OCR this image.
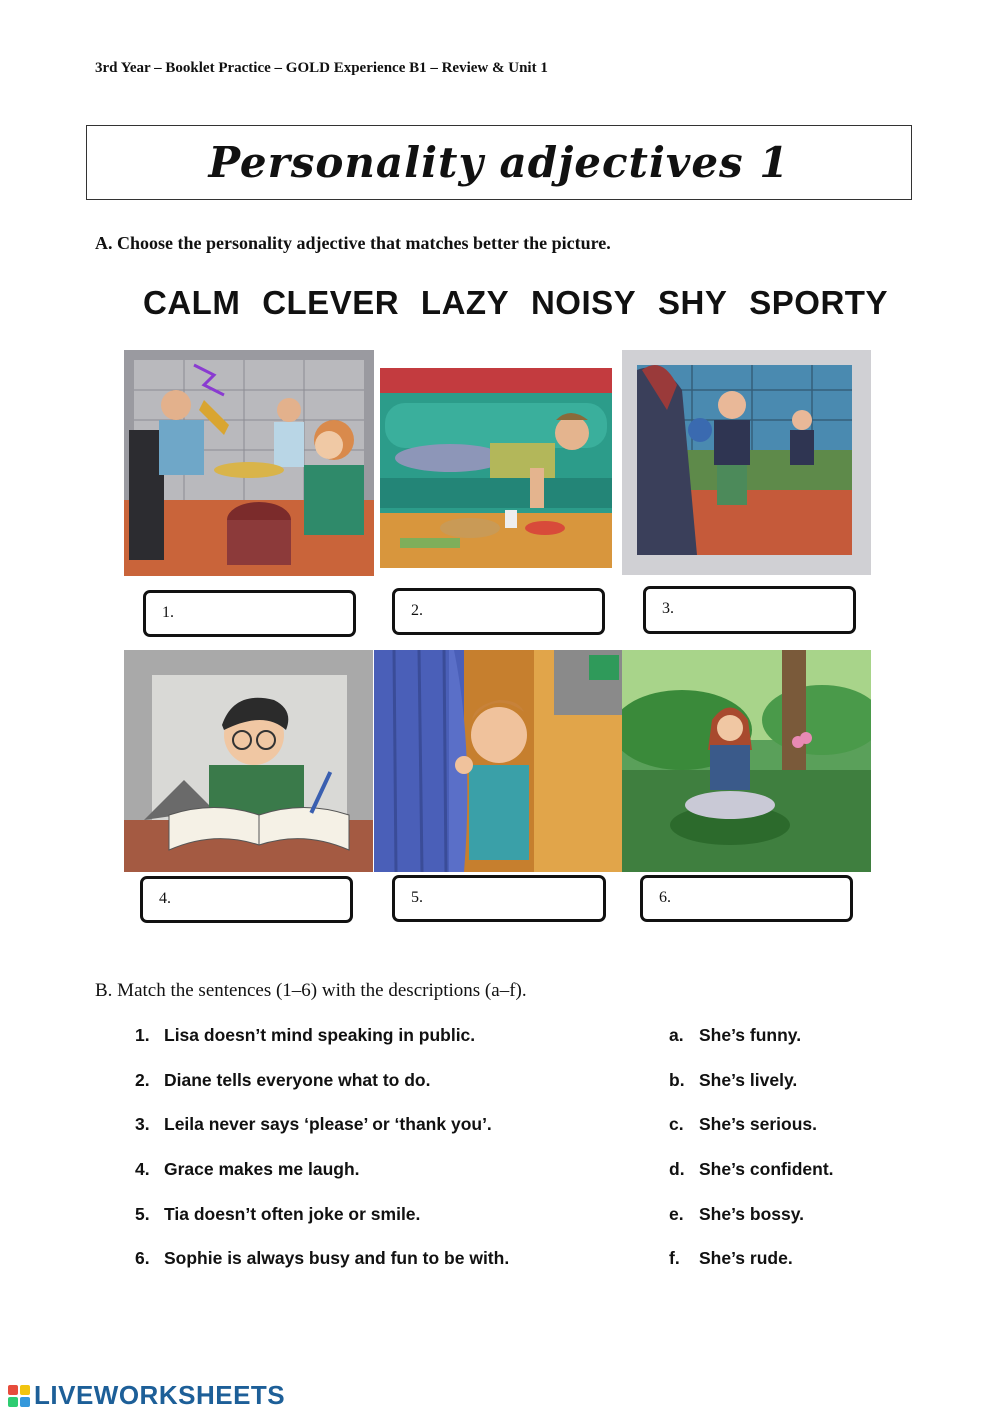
3rd Year – Booklet Practice – GOLD Experience B1 – Review & Unit 1
Personality adjectives 1
A. Choose the personality adjective that matches better the picture.
CALM CLEVER LAZY NOISY SHY SPORTY
1.	2.	3.
4.	5.	6.
B. Match the sentences (1–6) with the descriptions (a–f).
1. Lisa doesn’t mind speaking in public.	a. She’s funny.
2. Diane tells everyone what to do.	b. She’s lively.
3. Leila never says ‘please’ or ‘thank you’.	c. She’s serious.
4. Grace makes me laugh.	d. She’s confident.
5. Tia doesn’t often joke or smile.	e. She’s bossy.
6. Sophie is always busy and fun to be with.	f. She’s rude.
LIVEWORKSHEETS
